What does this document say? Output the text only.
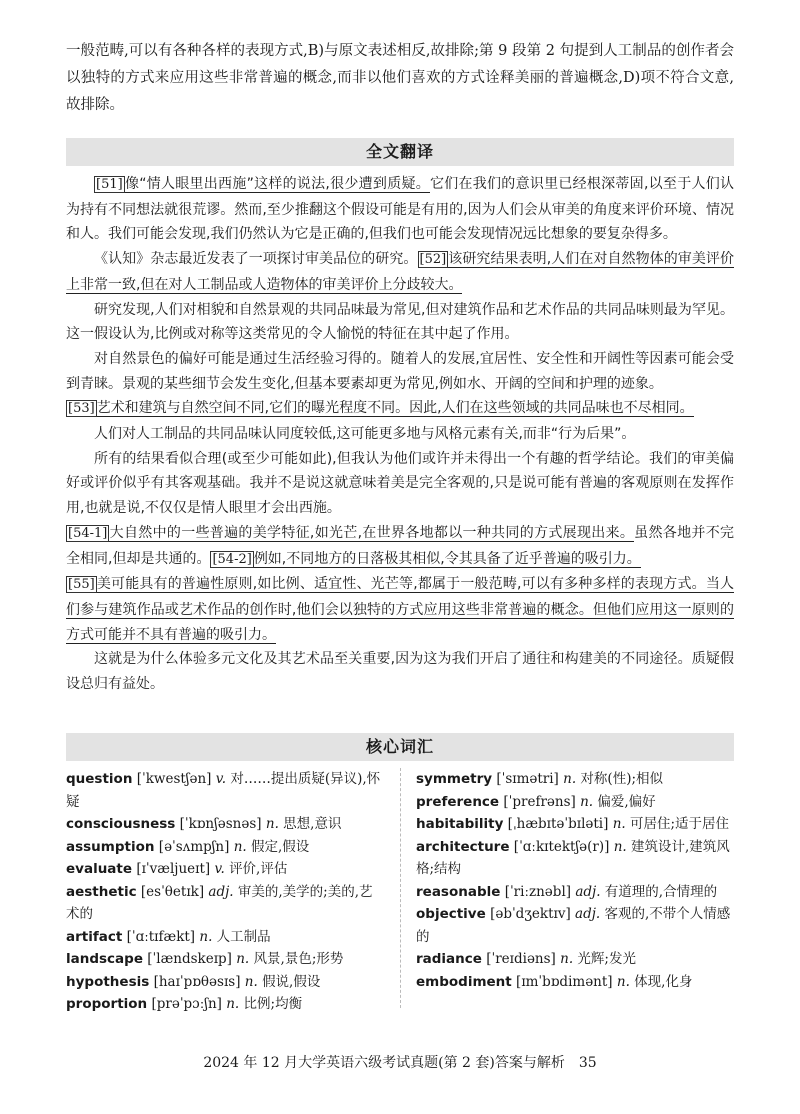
一般范畴,可以有各种各样的表现方式,B)与原文表述相反,故排除;第 9 段第 2 句提到人工制品的创作者会以独特的方式来应用这些非常普遍的概念,而非以他们喜欢的方式诠释美丽的普遍概念,D)项不符合文意,故排除。

全文翻译

[51] 像“情人眼里出西施”这样的说法,很少遭到质疑。它们在我们的意识里已经根深蒂固,以至于人们认为持有不同想法就很荒谬。然而,至少推翻这个假设可能是有用的,因为人们会从审美的角度来评价环境、情况和人。我们可能会发现,我们仍然认为它是正确的,但我们也可能会发现情况远比想象的要复杂得多。

《认知》杂志最近发表了一项探讨审美品位的研究。 [52] 该研究结果表明,人们在对自然物体的审美评价上非常一致,但在对人工制品或人造物体的审美评价上分歧较大。

研究发现,人们对相貌和自然景观的共同品味最为常见,但对建筑作品和艺术作品的共同品味则最为罕见。这一假设认为,比例或对称等这类常见的令人愉悦的特征在其中起了作用。

对自然景色的偏好可能是通过生活经验习得的。随着人的发展,宜居性、安全性和开阔性等因素可能会受到青睐。景观的某些细节会发生变化,但基本要素却更为常见,例如水、开阔的空间和护理的迹象。

[53] 艺术和建筑与自然空间不同,它们的曝光程度不同。因此,人们在这些领域的共同品味也不尽相同。

人们对人工制品的共同品味认同度较低,这可能更多地与风格元素有关,而非“行为后果”。

所有的结果看似合理(或至少可能如此),但我认为他们或许并未得出一个有趣的哲学结论。我们的审美偏好或评价似乎有其客观基础。我并不是说这就意味着美是完全客观的,只是说可能有普遍的客观原则在发挥作用,也就是说,不仅仅是情人眼里才会出西施。

[54-1] 大自然中的一些普遍的美学特征,如光芒,在世界各地都以一种共同的方式展现出来。虽然各地并不完全相同,但却是共通的。 [54-2] 例如,不同地方的日落极其相似,令其具备了近乎普遍的吸引力。

[55] 美可能具有的普遍性原则,如比例、适宜性、光芒等,都属于一般范畴,可以有多种多样的表现方式。当人们参与建筑作品或艺术作品的创作时,他们会以独特的方式应用这些非常普遍的概念。但他们应用这一原则的方式可能并不具有普遍的吸引力。

这就是为什么体验多元文化及其艺术品至关重要,因为这为我们开启了通往和构建美的不同途径。质疑假设总归有益处。

核心词汇
question [ˈkwestʃən] v. 对……提出质疑(异议),怀疑
consciousness [ˈkɒnʃəsnəs] n. 思想,意识
assumption [əˈsʌmpʃn] n. 假定,假设
evaluate [ɪˈvæljueɪt] v. 评价,评估
aesthetic [esˈθetɪk] adj. 审美的,美学的;美的,艺术的
artifact [ˈɑːtɪfækt] n. 人工制品
landscape [ˈlændskeɪp] n. 风景,景色;形势
hypothesis [haɪˈpɒθəsɪs] n. 假说,假设
proportion [prəˈpɔːʃn] n. 比例;均衡
symmetry [ˈsɪmətri] n. 对称(性);相似
preference [ˈprefrəns] n. 偏爱,偏好
habitability [ˌhæbɪtəˈbɪləti] n. 可居住;适于居住
architecture [ˈɑːkɪtektʃə(r)] n. 建筑设计,建筑风格;结构
reasonable [ˈriːznəbl] adj. 有道理的,合情理的
objective [əbˈdʒektɪv] adj. 客观的,不带个人情感的
radiance [ˈreɪdiəns] n. 光辉;发光
embodiment [ɪmˈbɒdimənt] n. 体现,化身
2024 年 12 月大学英语六级考试真题(第 2 套)答案与解析　35
